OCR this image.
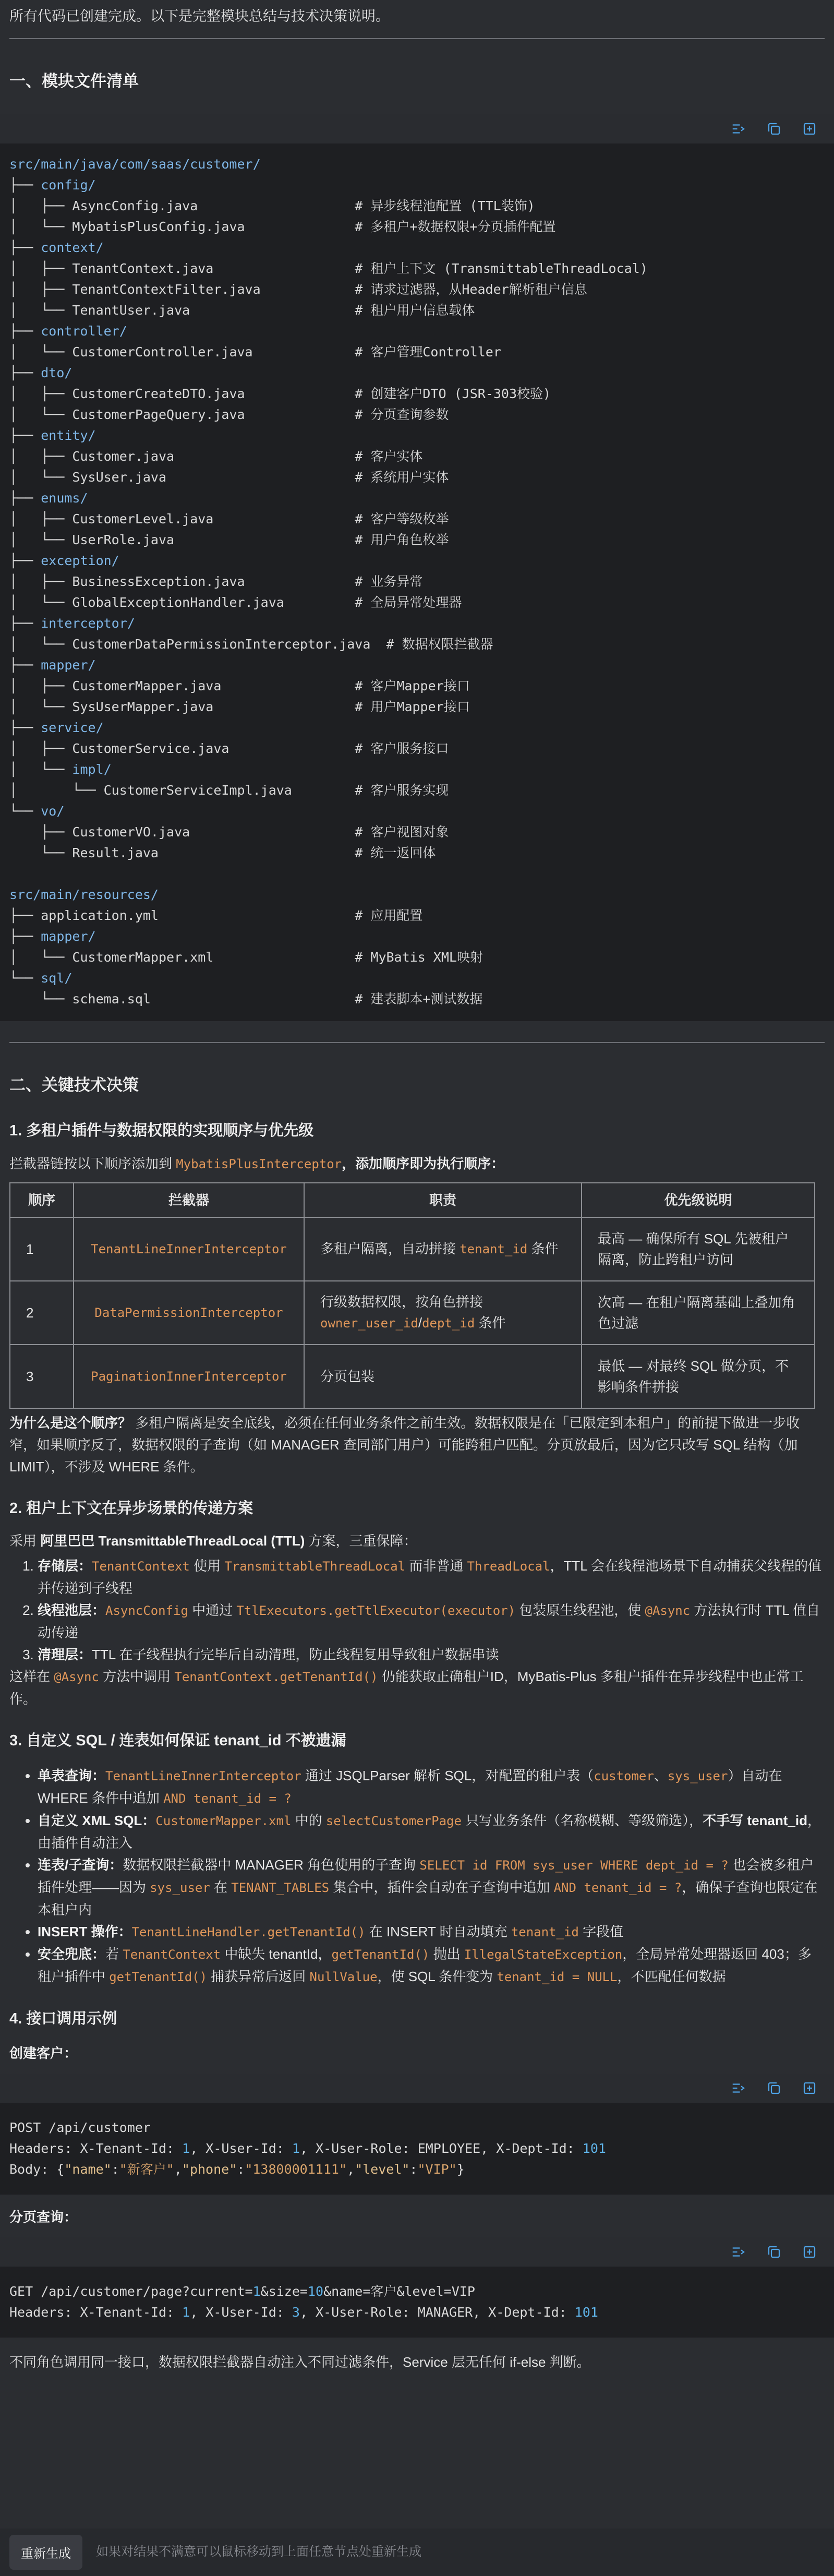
所有代码已创建完成。以下是完整模块总结与技术决策说明。
一、模块文件清单
src/main/java/com/saas/customer/
├── config/
│   ├── AsyncConfig.java	# 异步线程池配置 (TTL装饰)
│   └── MybatisPlusConfig.java	# 多租户+数据权限+分页插件配置
├── context/
│   ├── TenantContext.java	# 租户上下文 (TransmittableThreadLocal)
│   ├── TenantContextFilter.java	# 请求过滤器，从Header解析租户信息
│   └── TenantUser.java	# 租户用户信息载体
├── controller/
│   └── CustomerController.java	# 客户管理Controller
├── dto/
│   ├── CustomerCreateDTO.java	# 创建客户DTO (JSR-303校验)
│   └── CustomerPageQuery.java	# 分页查询参数
├── entity/
│   ├── Customer.java	# 客户实体
│   └── SysUser.java	# 系统用户实体
├── enums/
│   ├── CustomerLevel.java	# 客户等级枚举
│   └── UserRole.java	# 用户角色枚举
├── exception/
│   ├── BusinessException.java	# 业务异常
│   └── GlobalExceptionHandler.java	# 全局异常处理器
├── interceptor/
│   └── CustomerDataPermissionInterceptor.java  # 数据权限拦截器
├── mapper/
│   ├── CustomerMapper.java	# 客户Mapper接口
│   └── SysUserMapper.java	# 用户Mapper接口
├── service/
│   ├── CustomerService.java	# 客户服务接口
│   └── impl/
│       └── CustomerServiceImpl.java	# 客户服务实现
└── vo/
├── CustomerVO.java	# 客户视图对象
└── Result.java	# 统一返回体

src/main/resources/
├── application.yml	# 应用配置
├── mapper/
│   └── CustomerMapper.xml	# MyBatis XML映射
└── sql/
└── schema.sql	# 建表脚本+测试数据
二、关键技术决策
1. 多租户插件与数据权限的实现顺序与优先级

拦截器链按以下顺序添加到 MybatisPlusInterceptor，添加顺序即为执行顺序：

顺序	拦截器	职责	优先级说明
1	TenantLineInnerInterceptor	多租户隔离，自动拼接 tenant_id 条件	最高 — 确保所有 SQL 先被租户隔离，防止跨租户访问
2	DataPermissionInterceptor	行级数据权限，按角色拼接 owner_user_id/dept_id 条件	次高 — 在租户隔离基础上叠加角色过滤
3	PaginationInnerInterceptor	分页包装	最低 — 对最终 SQL 做分页，不影响条件拼接

为什么是这个顺序？ 多租户隔离是安全底线，必须在任何业务条件之前生效。数据权限是在「已限定到本租户」的前提下做进一步收窄，如果顺序反了，数据权限的子查询（如 MANAGER 查同部门用户）可能跨租户匹配。分页放最后，因为它只改写 SQL 结构（加 LIMIT），不涉及 WHERE 条件。

2. 租户上下文在异步场景的传递方案

采用 阿里巴巴 TransmittableThreadLocal (TTL) 方案，三重保障：

1. 存储层：TenantContext 使用 TransmittableThreadLocal 而非普通 ThreadLocal，TTL 会在线程池场景下自动捕获父线程的值并传递到子线程
2. 线程池层：AsyncConfig 中通过 TtlExecutors.getTtlExecutor(executor) 包装原生线程池，使 @Async 方法执行时 TTL 值自动传递
3. 清理层：TTL 在子线程执行完毕后自动清理，防止线程复用导致租户数据串读

这样在 @Async 方法中调用 TenantContext.getTenantId() 仍能获取正确租户ID，MyBatis-Plus 多租户插件在异步线程中也正常工作。

3. 自定义 SQL / 连表如何保证 tenant_id 不被遗漏
• 单表查询：TenantLineInnerInterceptor 通过 JSQLParser 解析 SQL，对配置的租户表（customer、sys_user）自动在 WHERE 条件中追加 AND tenant_id = ?
• 自定义 XML SQL：CustomerMapper.xml 中的 selectCustomerPage 只写业务条件（名称模糊、等级筛选），不手写 tenant_id，由插件自动注入
• 连表/子查询：数据权限拦截器中 MANAGER 角色使用的子查询 SELECT id FROM sys_user WHERE dept_id = ? 也会被多租户插件处理——因为 sys_user 在 TENANT_TABLES 集合中，插件会自动在子查询中追加 AND tenant_id = ?，确保子查询也限定在本租户内
• INSERT 操作：TenantLineHandler.getTenantId() 在 INSERT 时自动填充 tenant_id 字段值
• 安全兜底：若 TenantContext 中缺失 tenantId，getTenantId() 抛出 IllegalStateException，全局异常处理器返回 403；多租户插件中 getTenantId() 捕获异常后返回 NullValue，使 SQL 条件变为 tenant_id = NULL，不匹配任何数据
4. 接口调用示例

创建客户：

POST /api/customer
Headers: X-Tenant-Id: 1, X-User-Id: 1, X-User-Role: EMPLOYEE, X-Dept-Id: 101
Body: {"name":"新客户","phone":"13800001111","level":"VIP"}

分页查询：

GET /api/customer/page?current=1&size=10&name=客户&level=VIP
Headers: X-Tenant-Id: 1, X-User-Id: 3, X-User-Role: MANAGER, X-Dept-Id: 101

不同角色调用同一接口，数据权限拦截器自动注入不同过滤条件，Service 层无任何 if-else 判断。

重新生成	如果对结果不满意可以鼠标移动到上面任意节点处重新生成
